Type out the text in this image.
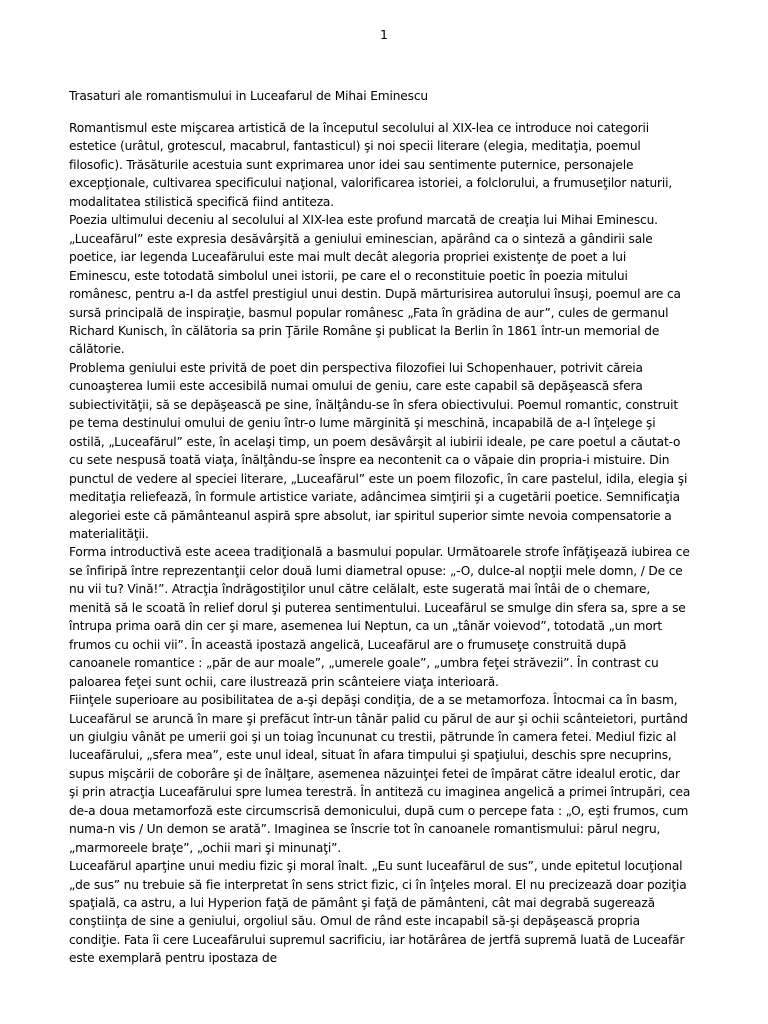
1
Trasaturi ale romantismului in Luceafarul de Mihai Eminescu

Romantismul este mişcarea artistică de la începutul secolului al XIX-lea ce introduce noi categorii estetice (urâtul, grotescul, macabrul, fantasticul) şi noi specii literare (elegia, meditaţia, poemul filosofic). Trăsăturile acestuia sunt exprimarea unor idei sau sentimente puternice, personajele excepţionale, cultivarea specificului naţional, valorificarea istoriei, a folclorului, a frumuseţilor naturii, modalitatea stilistică specifică fiind antiteza.

Poezia ultimului deceniu al secolului al XIX-lea este profund marcată de creaţia lui Mihai Eminescu. „Luceafărul” este expresia desăvârşită a geniului eminescian, apărând ca o sinteză a gândirii sale poetice, iar legenda Luceafărului este mai mult decât alegoria propriei existenţe de poet a lui Eminescu, este totodată simbolul unei istorii, pe care el o reconstituie poetic în poezia mitului românesc, pentru a-I da astfel prestigiul unui destin. După mărturisirea autorului însuşi, poemul are ca sursă principală de inspiraţie, basmul popular românesc „Fata în grădina de aur”, cules de germanul Richard Kunisch, în călătoria sa prin Ţările Române şi publicat la Berlin în 1861 într-un memorial de călătorie.

Problema geniului este privită de poet din perspectiva filozofiei lui Schopenhauer, potrivit căreia cunoaşterea lumii este accesibilă numai omului de geniu, care este capabil să depăşească sfera subiectivităţii, să se depăşească pe sine, înălţându-se în sfera obiectivului. Poemul romantic, construit pe tema destinului omului de geniu într-o lume mărginită şi meschină, incapabilă de a-l înţelege şi ostilă, „Luceafărul” este, în acelaşi timp, un poem desăvârşit al iubirii ideale, pe care poetul a căutat-o cu sete nespusă toată viaţa, înălţându-se înspre ea necontenit ca o văpaie din propria-i mistuire. Din punctul de vedere al speciei literare, „Luceafărul” este un poem filozofic, în care pastelul, idila, elegia şi meditaţia reliefează, în formule artistice variate, adâncimea simţirii şi a cugetării poetice. Semnificaţia alegoriei este că pământeanul aspiră spre absolut, iar spiritul superior simte nevoia compensatorie a materialităţii.

Forma introductivă este aceea tradiţională a basmului popular. Următoarele strofe înfăţişează iubirea ce se înfiripă între reprezentanţii celor două lumi diametral opuse: „-O, dulce-al nopţii mele domn, / De ce nu vii tu? Vină!”. Atracţia îndrăgostiţilor unul către celălalt, este sugerată mai întâi de o chemare, menită să le scoată în relief dorul şi puterea sentimentului. Luceafărul se smulge din sfera sa, spre a se întrupa prima oară din cer şi mare, asemenea lui Neptun, ca un „tânăr voievod”, totodată „un mort frumos cu ochii vii”. În această ipostază angelică, Luceafărul are o frumuseţe construită după canoanele romantice : „păr de aur moale”, „umerele goale”, „umbra feţei străvezii”. În contrast cu paloarea feţei sunt ochii, care ilustrează prin scânteiere viaţa interioară.

Fiinţele superioare au posibilitatea de a-şi depăşi condiţia, de a se metamorfoza. Întocmai ca în basm, Luceafărul se aruncă în mare şi prefăcut într-un tânăr palid cu părul de aur şi ochii scânteietori, purtând un giulgiu vânăt pe umerii goi şi un toiag încununat cu trestii, pătrunde în camera fetei. Mediul fizic al luceafărului, „sfera mea”, este unul ideal, situat în afara timpului şi spaţiului, deschis spre necuprins, supus mişcării de coborâre şi de înălţare, asemenea năzuinţei fetei de împărat către idealul erotic, dar şi prin atracţia Luceafărului spre lumea terestră. În antiteză cu imaginea angelică a primei întrupări, cea de-a doua metamorfoză este circumscrisă demonicului, după cum o percepe fata : „O, eşti frumos, cum numa-n vis / Un demon se arată”. Imaginea se înscrie tot în canoanele romantismului: părul negru, „marmoreele braţe”, „ochii mari şi minunaţi”.

Luceafărul aparţine unui mediu fizic şi moral înalt. „Eu sunt luceafărul de sus”, unde epitetul locuţional „de sus” nu trebuie să fie interpretat în sens strict fizic, ci în înţeles moral. El nu precizează doar poziţia spaţială, ca astru, a lui Hyperion faţă de pământ şi faţă de pământeni, cât mai degrabă sugerează conştiinţa de sine a geniului, orgoliul său. Omul de rând este incapabil să-şi depăşească propria condiţie. Fata îi cere Luceafărului supremul sacrificiu, iar hotărârea de jertfă supremă luată de Luceafăr este exemplară pentru ipostaza de
